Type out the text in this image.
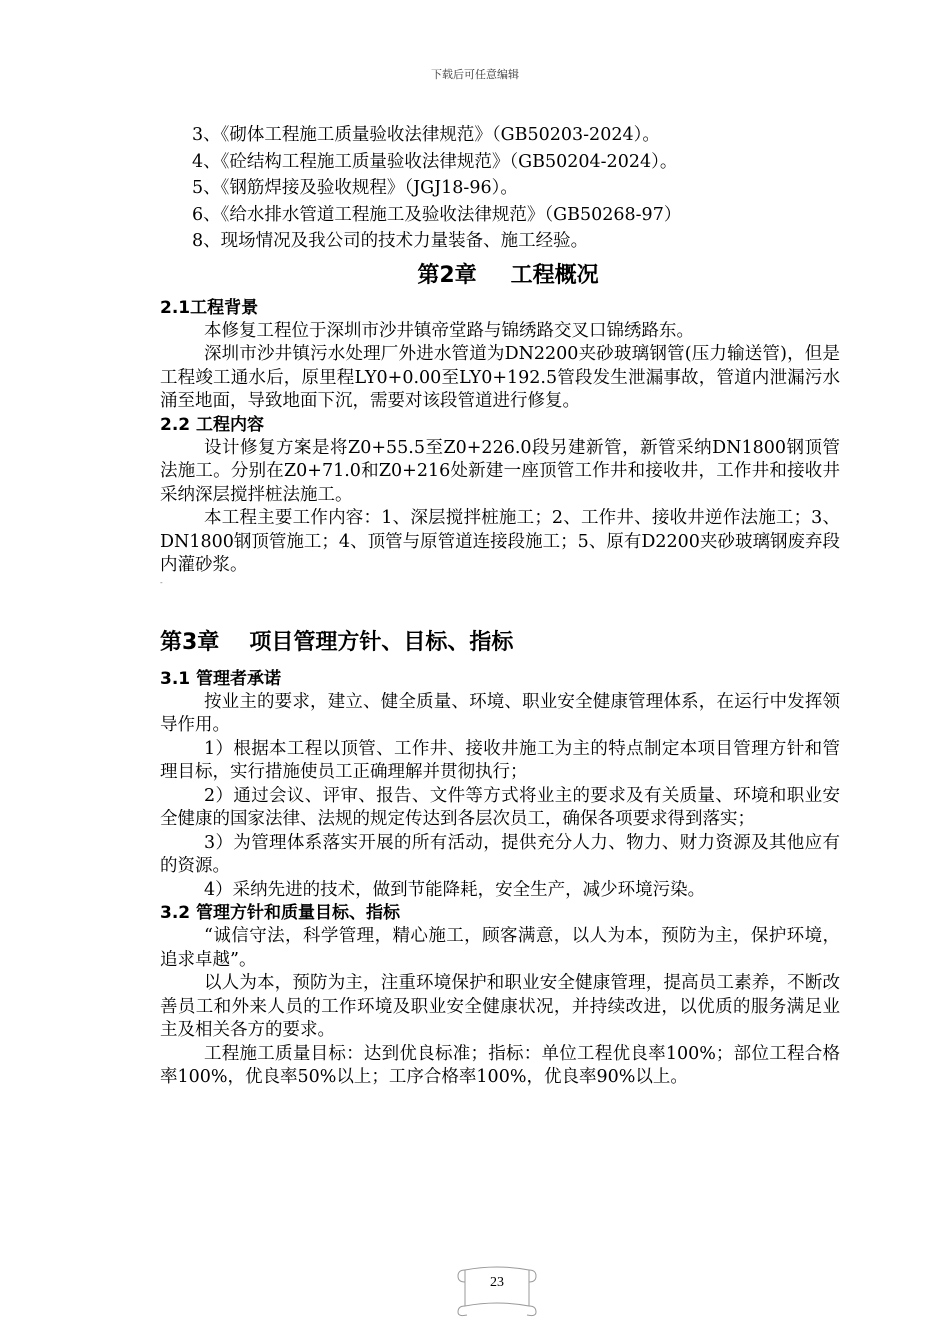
下载后可任意编辑
3、《砌体工程施工质量验收法律规范》（GB50203-2024）。
4、《砼结构工程施工质量验收法律规范》（GB50204-2024）。
5、《钢筋焊接及验收规程》（JGJ18-96）。
6、《给水排水管道工程施工及验收法律规范》（GB50268-97）
8、现场情况及我公司的技术力量装备、施工经验。
第2章 工程概况
2.1工程背景

本修复工程位于深圳市沙井镇帝堂路与锦绣路交叉口锦绣路东。

深圳市沙井镇污水处理厂外进水管道为DN2200夹砂玻璃钢管(压力输送管)，但是工程竣工通水后，原里程LY0+0.00至LY0+192.5管段发生泄漏事故，管道内泄漏污水涌至地面，导致地面下沉，需要对该段管道进行修复。

2.2 工程内容

设计修复方案是将Z0+55.5至Z0+226.0段另建新管，新管采纳DN1800钢顶管法施工。分别在Z0+71.0和Z0+216处新建一座顶管工作井和接收井，工作井和接收井采纳深层搅拌桩法施工。

本工程主要工作内容：1、深层搅拌桩施工；2、工作井、接收井逆作法施工；3、DN1800钢顶管施工；4、顶管与原管道连接段施工；5、原有D2200夹砂玻璃钢废弃段内灌砂浆。

-
第3章 项目管理方针、目标、指标
3.1 管理者承诺

按业主的要求，建立、健全质量、环境、职业安全健康管理体系，在运行中发挥领导作用。

1）根据本工程以顶管、工作井、接收井施工为主的特点制定本项目管理方针和管理目标，实行措施使员工正确理解并贯彻执行；

2）通过会议、评审、报告、文件等方式将业主的要求及有关质量、环境和职业安全健康的国家法律、法规的规定传达到各层次员工，确保各项要求得到落实；

3）为管理体系落实开展的所有活动，提供充分人力、物力、财力资源及其他应有的资源。

4）采纳先进的技术，做到节能降耗，安全生产，减少环境污染。

3.2 管理方针和质量目标、指标

“诚信守法，科学管理，精心施工，顾客满意，以人为本，预防为主，保护环境，追求卓越”。

以人为本，预防为主，注重环境保护和职业安全健康管理，提高员工素养，不断改善员工和外来人员的工作环境及职业安全健康状况，并持续改进，以优质的服务满足业主及相关各方的要求。

工程施工质量目标：达到优良标准；指标：单位工程优良率100%；部位工程合格率100%，优良率50%以上；工序合格率100%，优良率90%以上。

23
